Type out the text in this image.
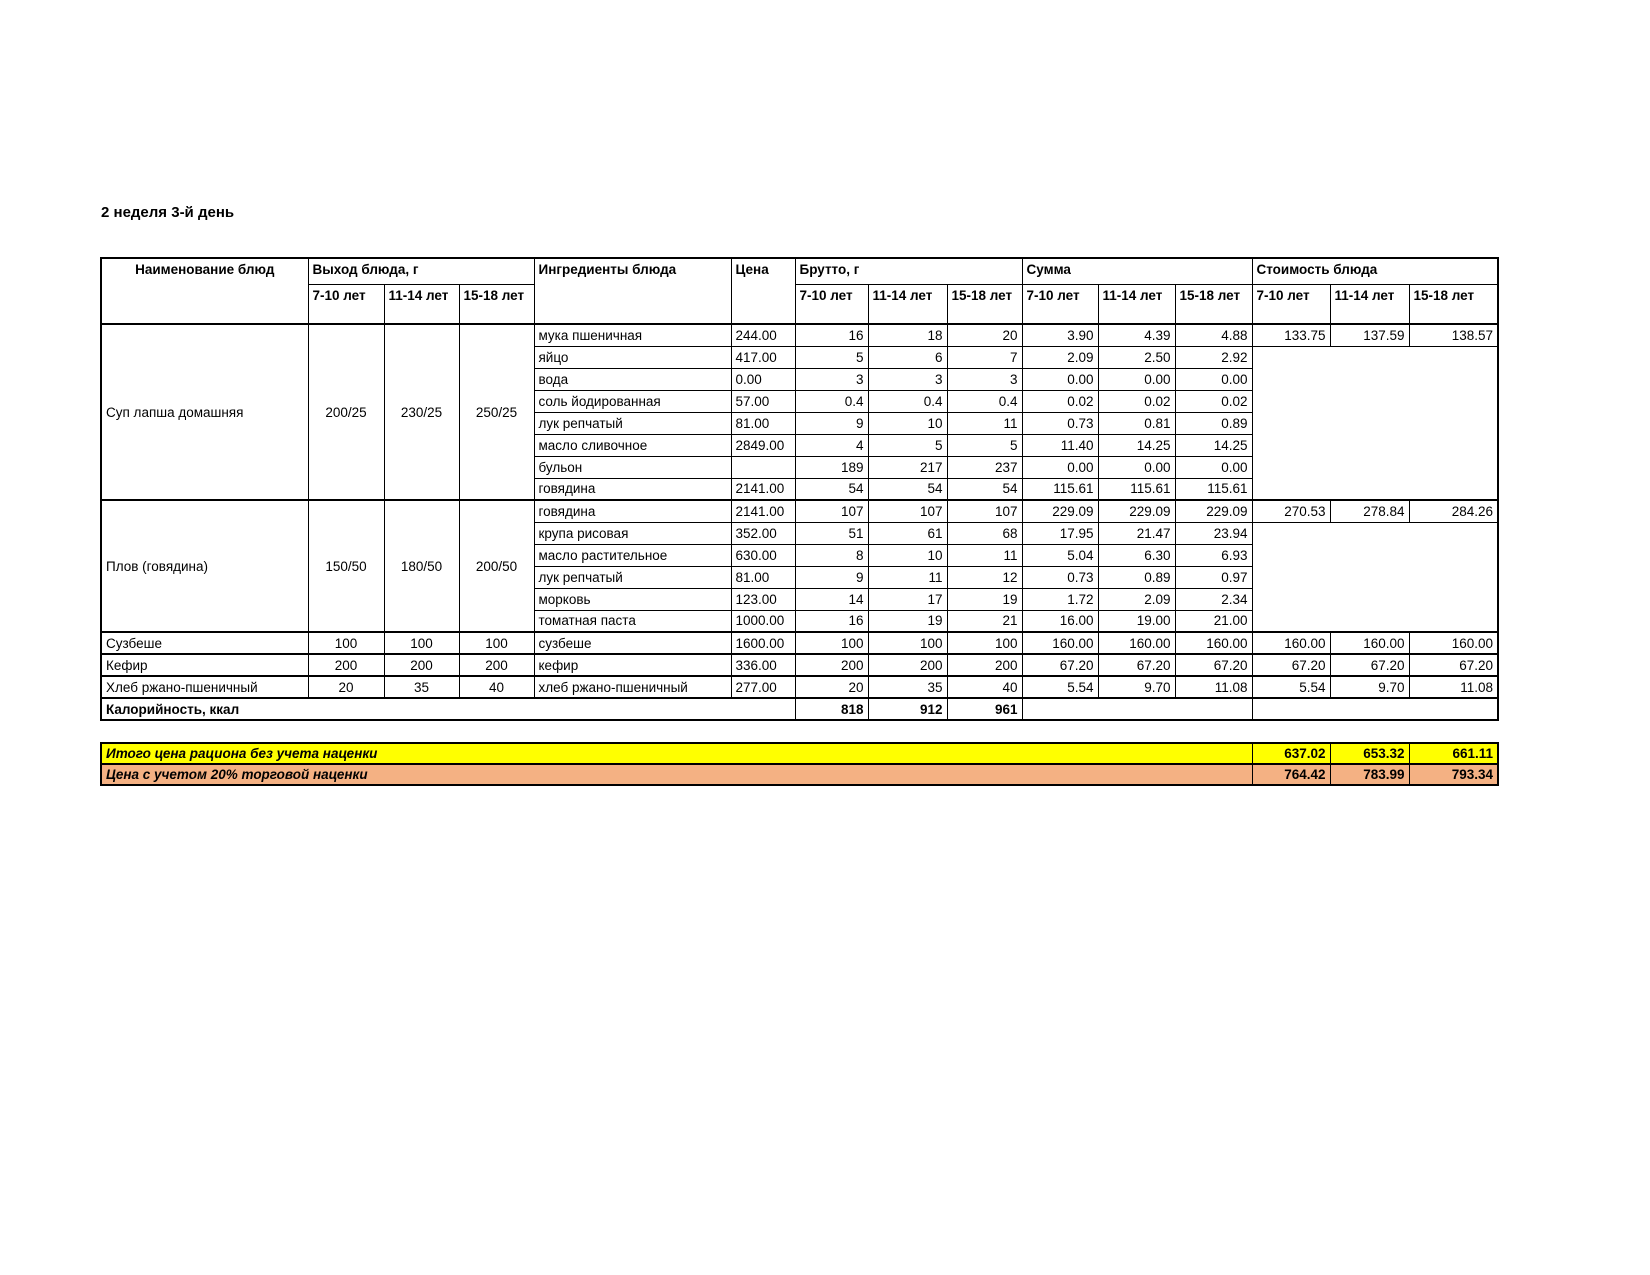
2 неделя 3-й день
Наименование блюд	Выход блюда, г			Ингредиенты блюда	Цена	Брутто, г			Сумма			Стоимость блюда		
	7-10 лет	11-14 лет	15-18 лет			7-10 лет	11-14 лет	15-18 лет	7-10 лет	11-14 лет	15-18 лет	7-10 лет	11-14 лет	15-18 лет
Суп лапша домашняя	200/25	230/25	250/25	мука пшеничная	244.00	16	18	20	3.90	4.39	4.88	133.75	137.59	138.57
				яйцо	417.00	5	6	7	2.09	2.50	2.92			
				вода	0.00	3	3	3	0.00	0.00	0.00			
				соль йодированная	57.00	0.4	0.4	0.4	0.02	0.02	0.02			
				лук репчатый	81.00	9	10	11	0.73	0.81	0.89			
				масло сливочное	2849.00	4	5	5	11.40	14.25	14.25			
				бульон		189	217	237	0.00	0.00	0.00			
				говядина	2141.00	54	54	54	115.61	115.61	115.61			
Плов (говядина)	150/50	180/50	200/50	говядина	2141.00	107	107	107	229.09	229.09	229.09	270.53	278.84	284.26
				крупа рисовая	352.00	51	61	68	17.95	21.47	23.94			
				масло растительное	630.00	8	10	11	5.04	6.30	6.93			
				лук репчатый	81.00	9	11	12	0.73	0.89	0.97			
				морковь	123.00	14	17	19	1.72	2.09	2.34			
				томатная паста	1000.00	16	19	21	16.00	19.00	21.00			
Сузбеше	100	100	100	сузбеше	1600.00	100	100	100	160.00	160.00	160.00	160.00	160.00	160.00
Кефир	200	200	200	кефир	336.00	200	200	200	67.20	67.20	67.20	67.20	67.20	67.20
Хлеб ржано-пшеничный	20	35	40	хлеб ржано-пшеничный	277.00	20	35	40	5.54	9.70	11.08	5.54	9.70	11.08
Калорийность, ккал						818	912	961						
Итого цена рациона без учета наценки	637.02	653.32	661.11
Цена с учетом 20% торговой наценки	764.42	783.99	793.34
